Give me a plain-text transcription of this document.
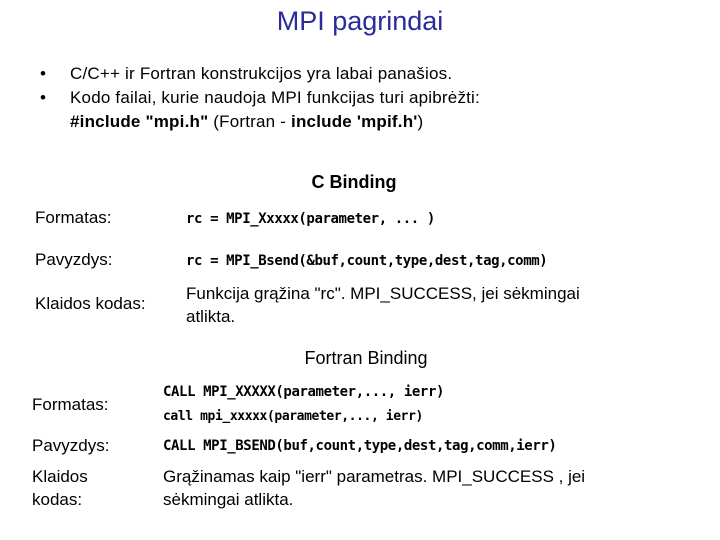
MPI pagrindai
• C/C++ ir Fortran konstrukcijos yra labai panašios.
• Kodo failai, kurie naudoja MPI funkcijas turi apibrėžti:
#include "mpi.h" (Fortran - include 'mpif.h')
C Binding
Formatas:	rc = MPI_Xxxxx(parameter, ... )
Pavyzdys:	rc = MPI_Bsend(&buf,count,type,dest,tag,comm)
Klaidos kodas:
Funkcija grąžina "rc". MPI_SUCCESS, jei sėkmingai
atlikta.
Fortran Binding
Formatas:
CALL MPI_XXXXX(parameter,..., ierr)
call mpi_xxxxx(parameter,..., ierr)
Pavyzdys:	CALL MPI_BSEND(buf,count,type,dest,tag,comm,ierr)
Klaidos
kodas:
Grąžinamas kaip "ierr" parametras. MPI_SUCCESS , jei
sėkmingai atlikta.
